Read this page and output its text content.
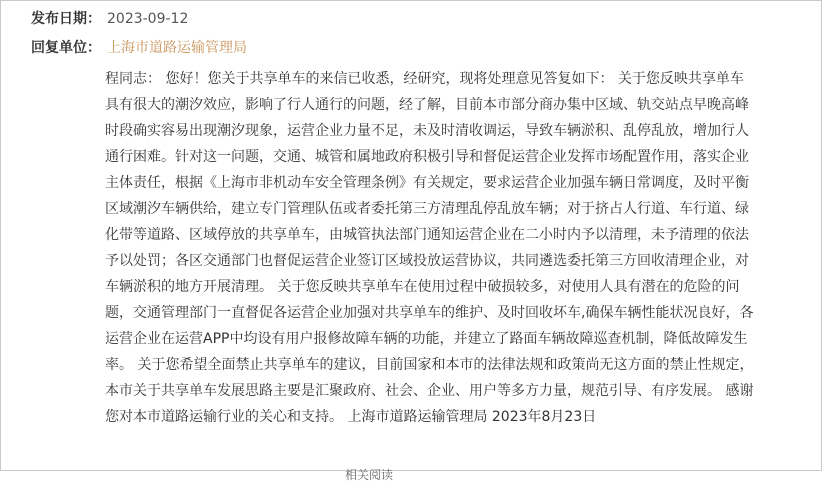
发布日期： 2023-09-12
回复单位： 上海市道路运输管理局
程同志： 您好！您关于共享单车的来信已收悉，经研究，现将处理意见答复如下： 关于您反映共享单车
具有很大的潮汐效应，影响了行人通行的问题，经了解，目前本市部分商办集中区域、轨交站点早晚高峰
时段确实容易出现潮汐现象，运营企业力量不足，未及时清收调运，导致车辆淤积、乱停乱放，增加行人
通行困难。针对这一问题，交通、城管和属地政府积极引导和督促运营企业发挥市场配置作用，落实企业
主体责任，根据《上海市非机动车安全管理条例》有关规定，要求运营企业加强车辆日常调度，及时平衡
区域潮汐车辆供给，建立专门管理队伍或者委托第三方清理乱停乱放车辆；对于挤占人行道、车行道、绿
化带等道路、区域停放的共享单车，由城管执法部门通知运营企业在二小时内予以清理，未予清理的依法
予以处罚；各区交通部门也督促运营企业签订区域投放运营协议，共同遴选委托第三方回收清理企业，对
车辆淤积的地方开展清理。 关于您反映共享单车在使用过程中破损较多，对使用人具有潜在的危险的问
题，交通管理部门一直督促各运营企业加强对共享单车的维护、及时回收坏车,确保车辆性能状况良好，各
运营企业在运营APP中均设有用户报修故障车辆的功能，并建立了路面车辆故障巡查机制，降低故障发生
率。 关于您希望全面禁止共享单车的建议，目前国家和本市的法律法规和政策尚无这方面的禁止性规定，
本市关于共享单车发展思路主要是汇聚政府、社会、企业、用户等多方力量，规范引导、有序发展。 感谢
您对本市道路运输行业的关心和支持。 上海市道路运输管理局 2023年8月23日
相关阅读
